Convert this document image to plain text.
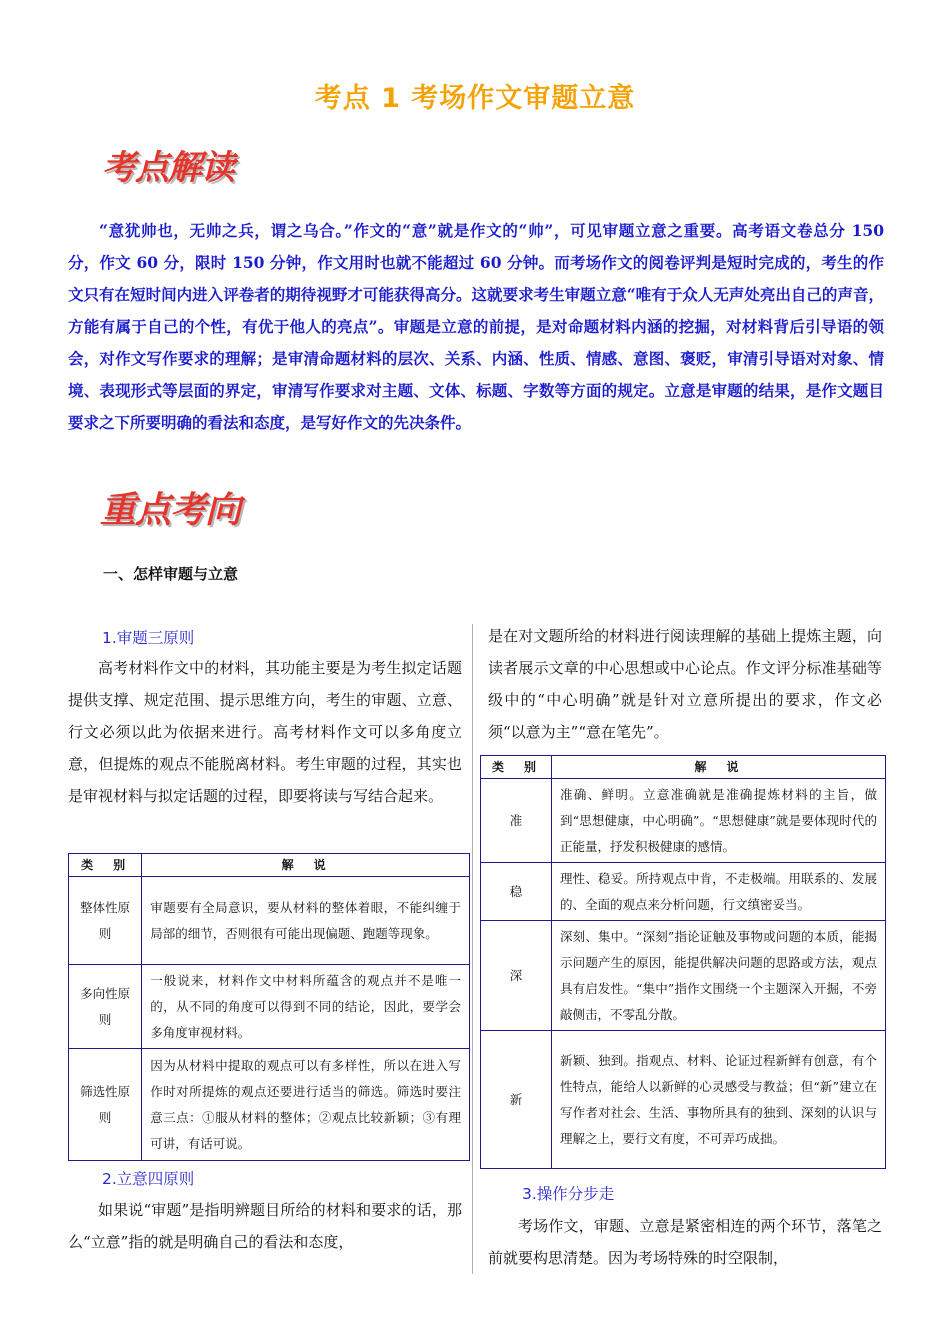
考点 1 考场作文审题立意
考点解读
“意犹帅也，无帅之兵，谓之乌合。”作文的“意”就是作文的“帅”，可见审题立意之重要。高考语文卷总分 150 分，作文 60 分，限时 150 分钟，作文用时也就不能超过 60 分钟。而考场作文的阅卷评判是短时完成的，考生的作文只有在短时间内进入评卷者的期待视野才可能获得高分。这就要求考生审题立意“唯有于众人无声处亮出自己的声音，方能有属于自己的个性，有优于他人的亮点”。审题是立意的前提，是对命题材料内涵的挖掘，对材料背后引导语的领会，对作文写作要求的理解；是审清命题材料的层次、关系、内涵、性质、情感、意图、褒贬，审清引导语对对象、情境、表现形式等层面的界定，审清写作要求对主题、文体、标题、字数等方面的规定。立意是审题的结果，是作文题目要求之下所要明确的看法和态度，是写好作文的先决条件。
重点考向
一、怎样审题与立意
1.审题三原则
高考材料作文中的材料，其功能主要是为考生拟定话题提供支撑、规定范围、提示思维方向，考生的审题、立意、行文必须以此为依据来进行。高考材料作文可以多角度立意，但提炼的观点不能脱离材料。考生审题的过程，其实也是审视材料与拟定话题的过程，即要将读与写结合起来。
类　别	解　说
整体性原则	审题要有全局意识，要从材料的整体着眼，不能纠缠于局部的细节，否则很有可能出现偏题、跑题等现象。
多向性原则	一般说来，材料作文中材料所蕴含的观点并不是唯一的，从不同的角度可以得到不同的结论，因此，要学会多角度审视材料。
筛选性原则	因为从材料中提取的观点可以有多样性，所以在进入写作时对所提炼的观点还要进行适当的筛选。筛选时要注意三点：①服从材料的整体；②观点比较新颖；③有理可讲，有话可说。
2.立意四原则
如果说“审题”是指明辨题目所给的材料和要求的话，那么“立意”指的就是明确自己的看法和态度，
是在对文题所给的材料进行阅读理解的基础上提炼主题，向读者展示文章的中心思想或中心论点。作文评分标准基础等级中的“中心明确”就是针对立意所提出的要求，作文必须“以意为主”“意在笔先”。
类　别	解　说
准	准确、鲜明。立意准确就是准确提炼材料的主旨，做到“思想健康，中心明确”。“思想健康”就是要体现时代的正能量，抒发积极健康的感情。
稳	理性、稳妥。所持观点中肯，不走极端。用联系的、发展的、全面的观点来分析问题，行文缜密妥当。
深	深刻、集中。“深刻”指论证触及事物或问题的本质，能揭示问题产生的原因，能提供解决问题的思路或方法，观点具有启发性。“集中”指作文围绕一个主题深入开掘，不旁敲侧击，不零乱分散。
新	新颖、独到。指观点、材料、论证过程新鲜有创意，有个性特点，能给人以新鲜的心灵感受与教益；但“新”建立在写作者对社会、生活、事物所具有的独到、深刻的认识与理解之上，要行文有度，不可弄巧成拙。
3.操作分步走
考场作文，审题、立意是紧密相连的两个环节，落笔之前就要构思清楚。因为考场特殊的时空限制，
